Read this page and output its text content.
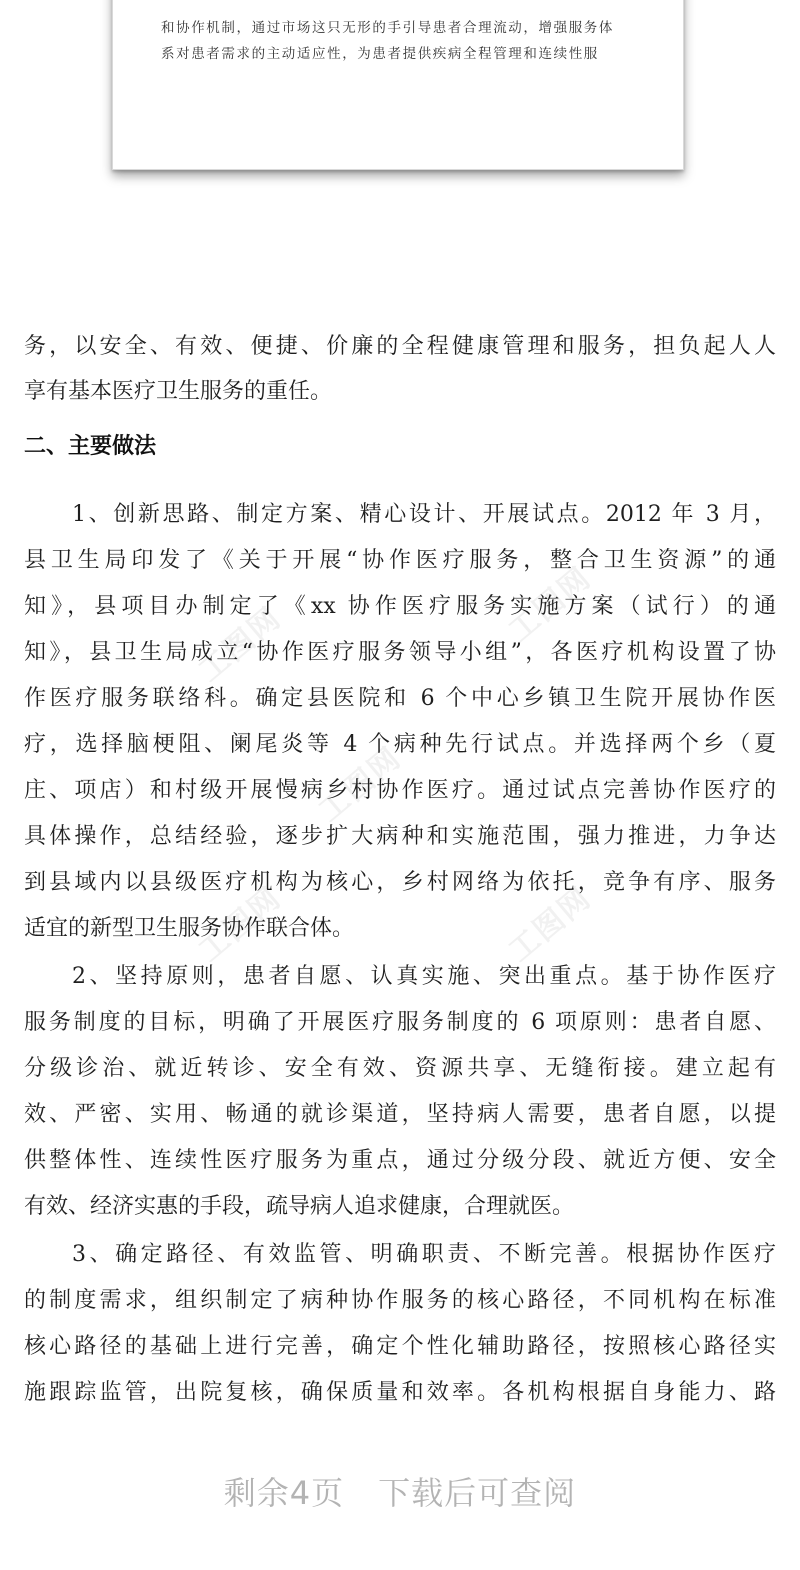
和协作机制，通过市场这只无形的手引导患者合理流动，增强服务体
系对患者需求的主动适应性，为患者提供疾病全程管理和连续性服
工图网	工图网
工图网
工图网	工图网
务，以安全、有效、便捷、价廉的全程健康管理和服务，担负起人人
享有基本医疗卫生服务的重任。
二、主要做法
1、创新思路、制定方案、精心设计、开展试点。2012 年 3 月，
县卫生局印发了《关于开展“协作医疗服务，整合卫生资源”的通
知》，县项目办制定了《xx 协作医疗服务实施方案（试行）的通
知》，县卫生局成立“协作医疗服务领导小组”，各医疗机构设置了协
作医疗服务联络科。确定县医院和 6 个中心乡镇卫生院开展协作医
疗，选择脑梗阻、阑尾炎等 4 个病种先行试点。并选择两个乡（夏
庄、项店）和村级开展慢病乡村协作医疗。通过试点完善协作医疗的
具体操作，总结经验，逐步扩大病种和实施范围，强力推进，力争达
到县域内以县级医疗机构为核心，乡村网络为依托，竞争有序、服务
适宜的新型卫生服务协作联合体。
2、坚持原则，患者自愿、认真实施、突出重点。基于协作医疗
服务制度的目标，明确了开展医疗服务制度的 6 项原则：患者自愿、
分级诊治、就近转诊、安全有效、资源共享、无缝衔接。建立起有
效、严密、实用、畅通的就诊渠道，坚持病人需要，患者自愿，以提
供整体性、连续性医疗服务为重点，通过分级分段、就近方便、安全
有效、经济实惠的手段，疏导病人追求健康，合理就医。
3、确定路径、有效监管、明确职责、不断完善。根据协作医疗
的制度需求，组织制定了病种协作服务的核心路径，不同机构在标准
核心路径的基础上进行完善，确定个性化辅助路径，按照核心路径实
施跟踪监管，出院复核，确保质量和效率。各机构根据自身能力、路
剩余4页 下载后可查阅
